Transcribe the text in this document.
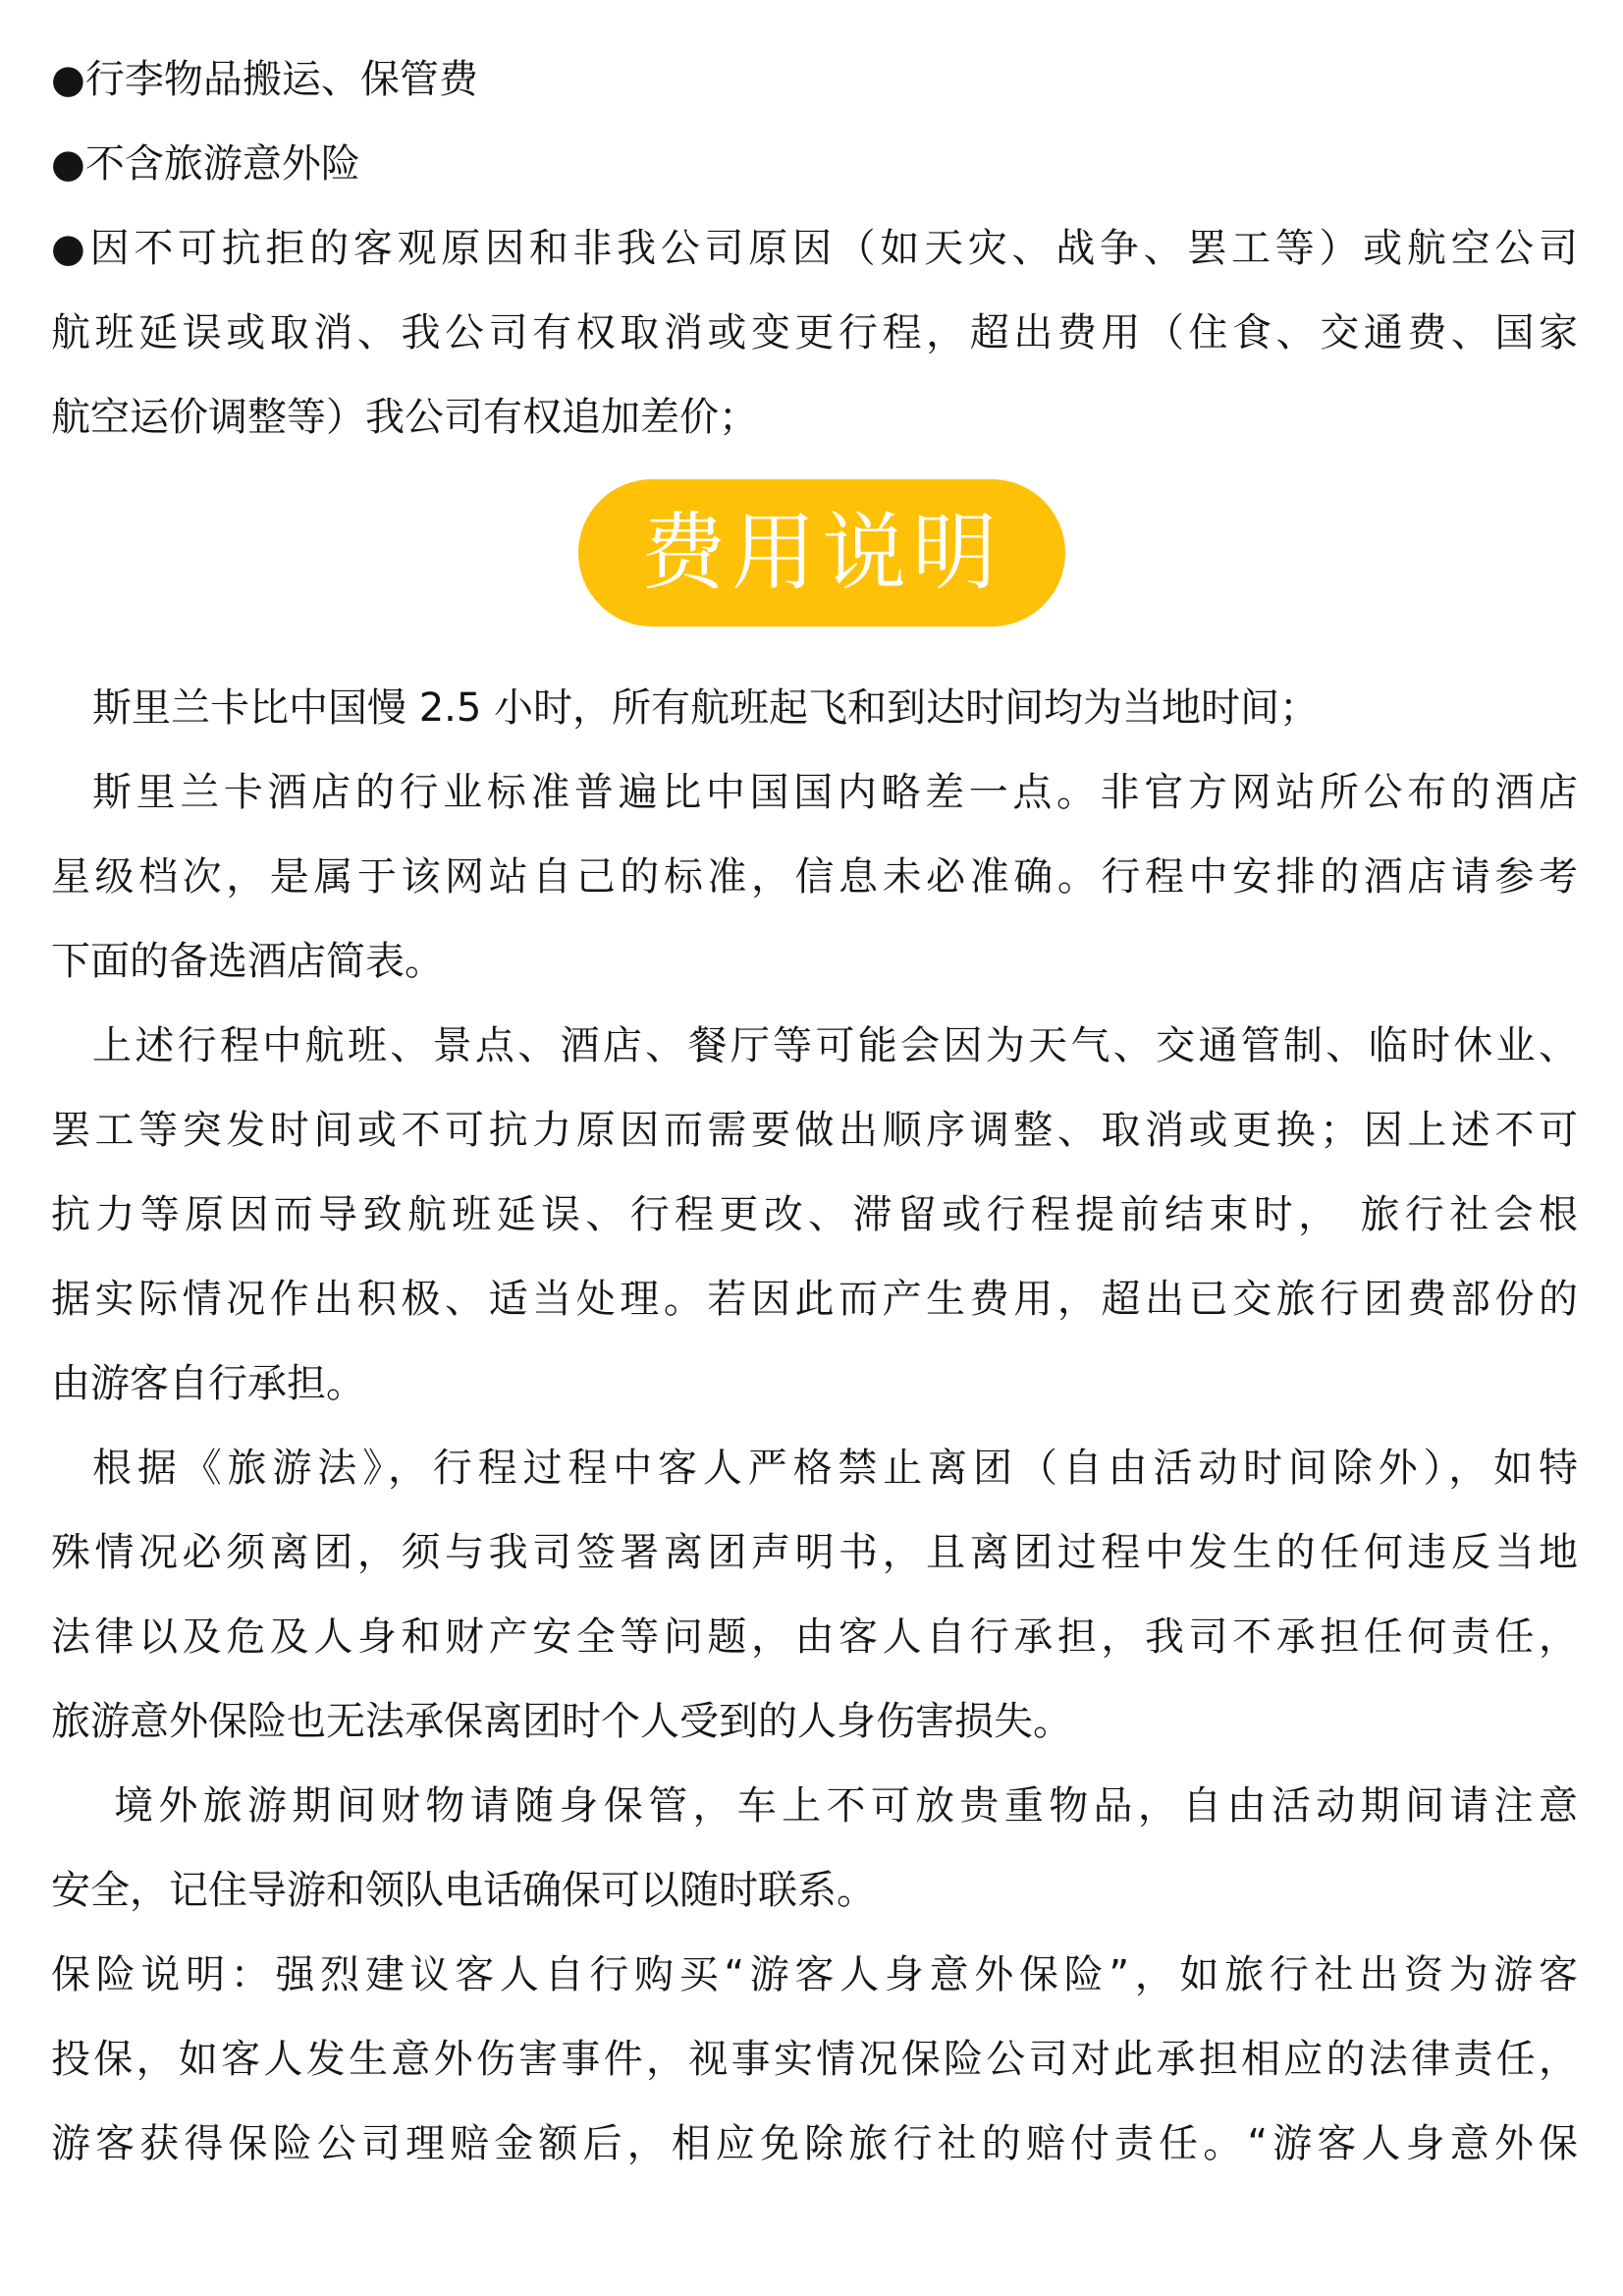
●行李物品搬运、保管费

●不含旅游意外险

●因不可抗拒的客观原因和非我公司原因（如天灾、战争、罢工等）或航空公司

航班延误或取消、我公司有权取消或变更行程，超出费用（住食、交通费、国家

航空运价调整等）我公司有权追加差价；

费用说明

斯里兰卡比中国慢 2.5 小时，所有航班起飞和到达时间均为当地时间；

斯里兰卡酒店的行业标准普遍比中国国内略差一点。非官方网站所公布的酒店

星级档次，是属于该网站自己的标准，信息未必准确。行程中安排的酒店请参考

下面的备选酒店简表。

上述行程中航班、景点、酒店、餐厅等可能会因为天气、交通管制、临时休业、

罢工等突发时间或不可抗力原因而需要做出顺序调整、取消或更换；因上述不可

抗力等原因而导致航班延误、行程更改、滞留或行程提前结束时， 旅行社会根

据实际情况作出积极、适当处理。若因此而产生费用，超出已交旅行团费部份的

由游客自行承担。

根据《旅游法》，行程过程中客人严格禁止离团（自由活动时间除外），如特

殊情况必须离团，须与我司签署离团声明书，且离团过程中发生的任何违反当地

法律以及危及人身和财产安全等问题，由客人自行承担，我司不承担任何责任，

旅游意外保险也无法承保离团时个人受到的人身伤害损失。

境外旅游期间财物请随身保管，车上不可放贵重物品，自由活动期间请注意

安全，记住导游和领队电话确保可以随时联系。

保险说明：强烈建议客人自行购买“游客人身意外保险”，如旅行社出资为游客

投保，如客人发生意外伤害事件，视事实情况保险公司对此承担相应的法律责任，

游客获得保险公司理赔金额后，相应免除旅行社的赔付责任。“游客人身意外保
